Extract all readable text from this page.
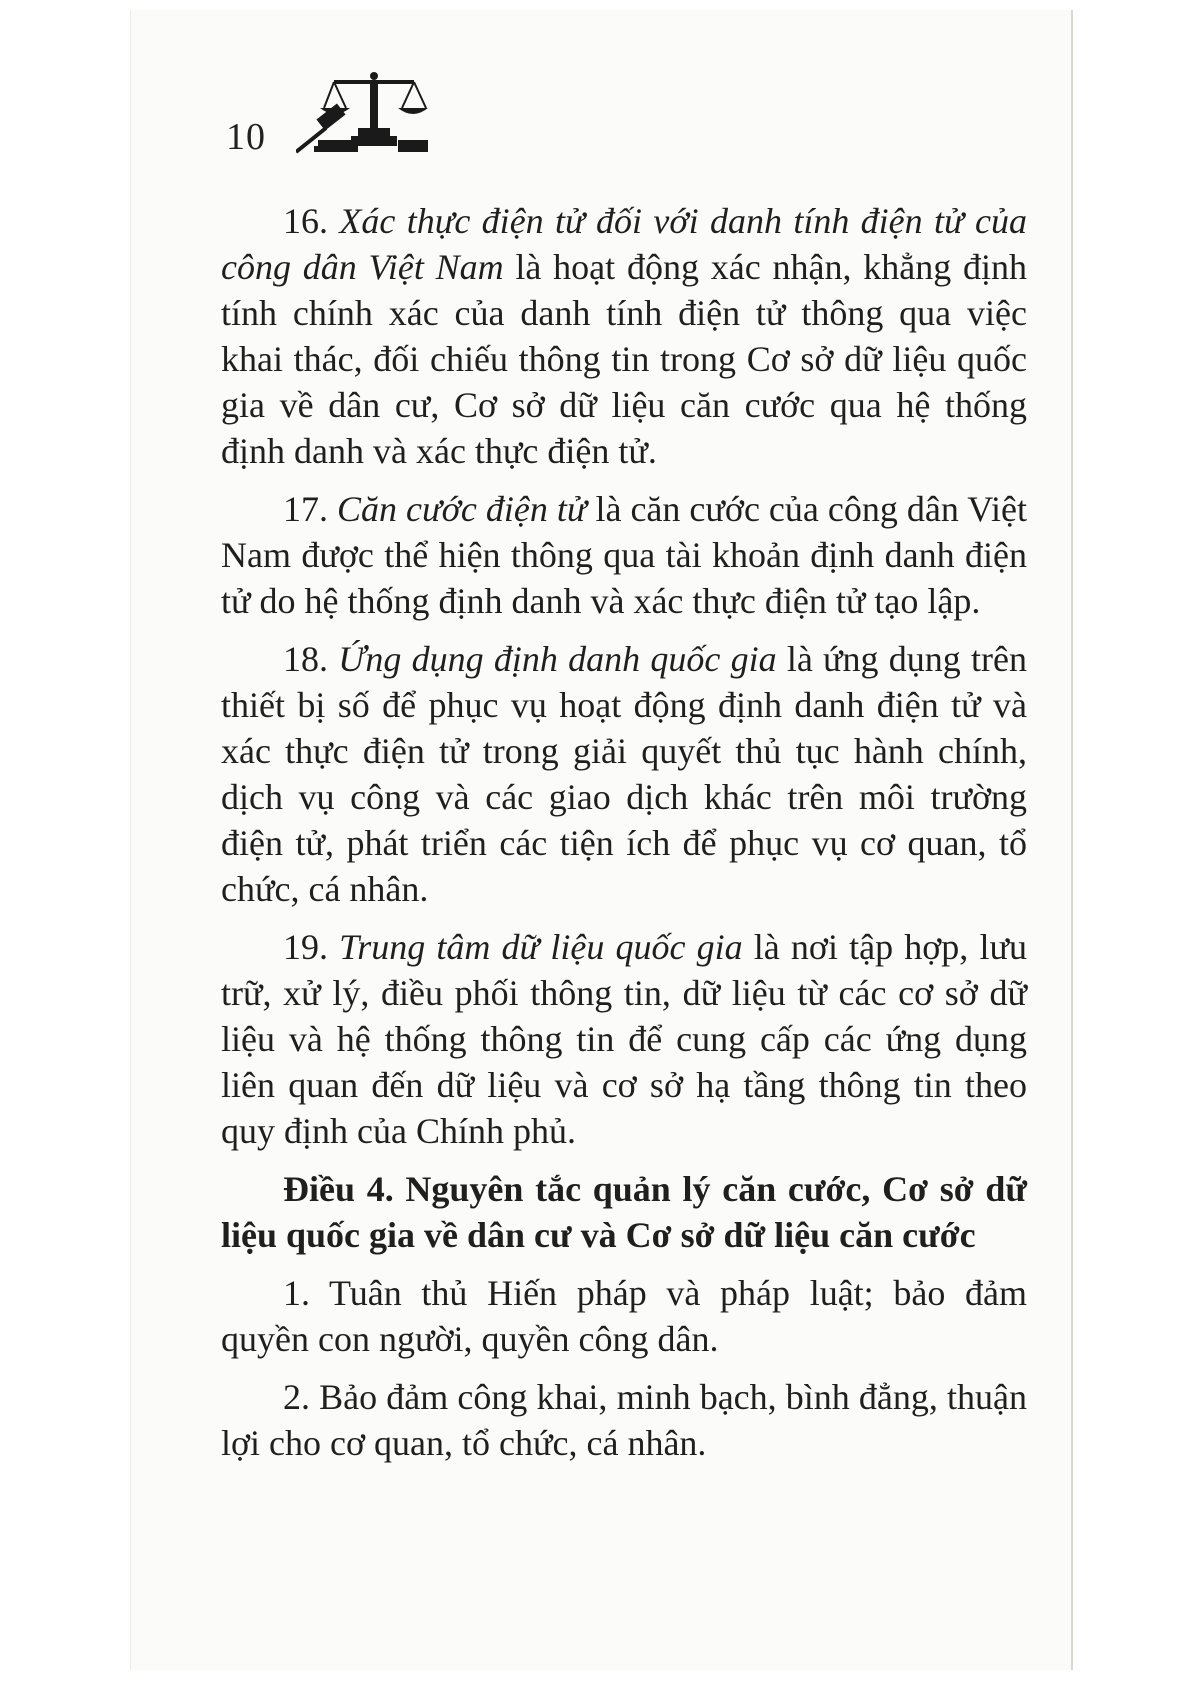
10

16. Xác thực điện tử đối với danh tính điện tử của công dân Việt Nam là hoạt động xác nhận, khẳng định tính chính xác của danh tính điện tử thông qua việc khai thác, đối chiếu thông tin trong Cơ sở dữ liệu quốc gia về dân cư, Cơ sở dữ liệu căn cước qua hệ thống định danh và xác thực điện tử.

17. Căn cước điện tử là căn cước của công dân Việt Nam được thể hiện thông qua tài khoản định danh điện tử do hệ thống định danh và xác thực điện tử tạo lập.

18. Ứng dụng định danh quốc gia là ứng dụng trên thiết bị số để phục vụ hoạt động định danh điện tử và xác thực điện tử trong giải quyết thủ tục hành chính, dịch vụ công và các giao dịch khác trên môi trường điện tử, phát triển các tiện ích để phục vụ cơ quan, tổ chức, cá nhân.

19. Trung tâm dữ liệu quốc gia là nơi tập hợp, lưu trữ, xử lý, điều phối thông tin, dữ liệu từ các cơ sở dữ liệu và hệ thống thông tin để cung cấp các ứng dụng liên quan đến dữ liệu và cơ sở hạ tầng thông tin theo quy định của Chính phủ.

Điều 4. Nguyên tắc quản lý căn cước, Cơ sở dữ liệu quốc gia về dân cư và Cơ sở dữ liệu căn cước

1. Tuân thủ Hiến pháp và pháp luật; bảo đảm quyền con người, quyền công dân.

2. Bảo đảm công khai, minh bạch, bình đẳng, thuận lợi cho cơ quan, tổ chức, cá nhân.
